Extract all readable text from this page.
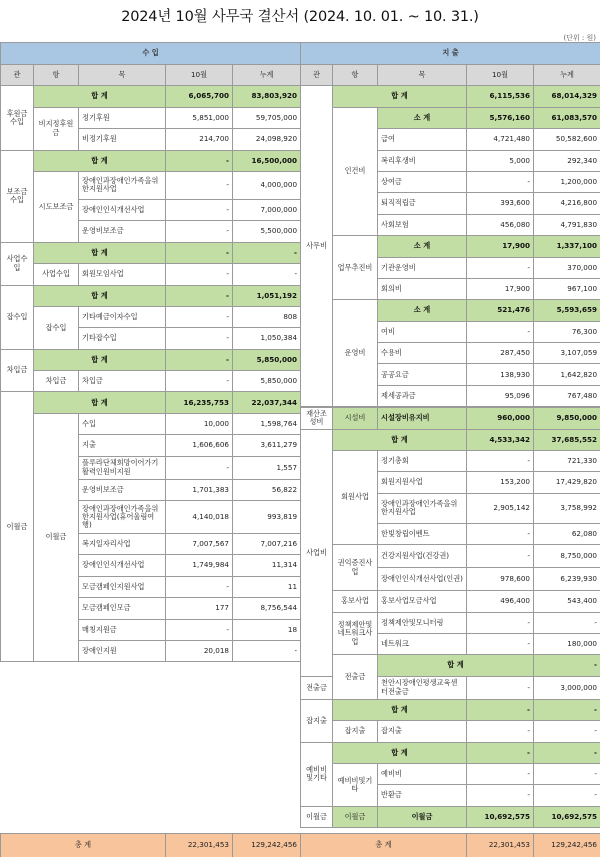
2024년 10월 사무국 결산서 (2024. 10. 01. ~ 10. 31.)
(단위 : 원)
수 입				
관	항	목	10월	누계
후원금수입	합 계		6,065,700	83,803,920
	비지정후원금	정기후원	5,851,000	59,705,000
		비정기후원	214,700	24,098,920
보조금수입	합 계		-	16,500,000
	시도보조금	장애인과장애인가족을위한지원사업	-	4,000,000
		장애인인식개선사업	-	7,000,000
		운영비보조금	-	5,500,000
사업수입	합 계		-	-
	사업수입	회원모임사업	-	-
잡수입	합 계		-	1,051,192
	잡수입	기타예금이자수입	-	808
		기타잡수입	-	1,050,384
차입금	합 계		-	5,850,000
	차입금	차입금	-	5,850,000
이월금	합 계		16,235,753	22,037,344
	이월금	수입	10,000	1,598,764
		지출	1,606,606	3,611,279
		플루라단체희망이어가기활력인원비지원	-	1,557
		운영비보조금	1,701,383	56,822
		장애인과장애인가족을위한지원사업(휴어울림여행)	4,140,018	993,819
		복지일자리사업	7,007,567	7,007,216
		장애인인식개선사업	1,749,984	11,314
		모금캠페인지원사업	-	11
		모금캠페인모금	177	8,756,544
		매칭지원금	-	18
		장애인지원	20,018	-
총 계	22,301,453	129,242,456
지 출				
관	항	목	10월	누계
사무비	합 계		6,115,536	68,014,329
	인건비	소 계	5,576,160	61,083,570
		급여	4,721,480	50,582,600
		복리후생비	5,000	292,340
		상여금	-	1,200,000
		퇴직적립금	393,600	4,216,800
		사회보험	456,080	4,791,830
	업무추진비	소 계	17,900	1,337,100
		기관운영비	-	370,000
		회의비	17,900	967,100
	운영비	소 계	521,476	5,593,659
		여비	-	76,300
		수용비	287,450	3,107,059
		공공요금	138,930	1,642,820
		제세공과금	95,096	767,480
재산조성비	시설비	시설장비유지비	960,000	9,850,000	
사업비	합 계		4,533,342	37,685,552	
	회원사업	정기총회	-	721,330	
		회원지원사업	153,200	17,429,820	
		장애인과장애인가족을위한지원사업	2,905,142	3,758,992	
		한빛창립이벤트	-	62,080	
	권익증진사업	건강지원사업(건강권)	-	8,750,000	
		장애인인식개선사업(인권)	978,600	6,239,930	
	홍보사업	홍보사업모금사업	496,400	543,400	
	정책제안및네트워크사업	정책제안및모니터링	-	-	
		네트워크	-	180,000	
	전출금	합 계		-	
전출금		천안시장애인평생교육센터전출금	-	3,000,000	
잡지출	합 계		-	-	
	잡지출	잡지출	-	-	
예비비및기타	합 계		-	-	
	예비비및기타	예비비	-	-	
		반환금	-	-	
이월금	이월금	이월금	10,692,575	10,692,575	
총 계	22,301,453	129,242,456
